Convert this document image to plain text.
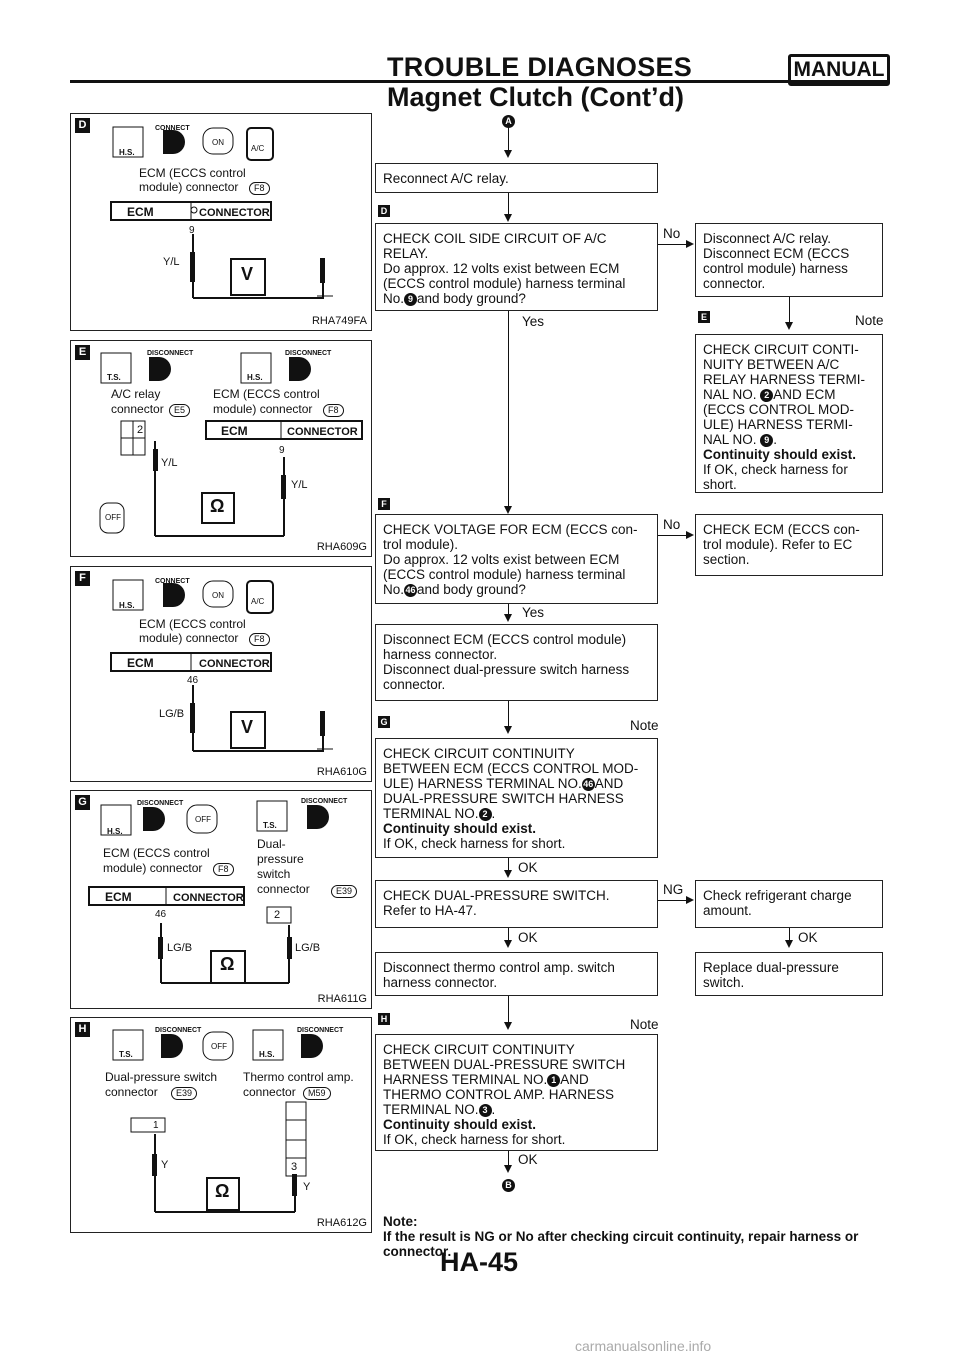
TROUBLE DIAGNOSES	MANUAL
Magnet Clutch (Cont’d)
D
H.S.
CONNECT
ON
A/C
ECM (ECCS control
module) connector	F8
ECM	CONNECTOR
9
Y/L
V
RHA749FA
E
T.S.
DISCONNECT
H.S.
DISCONNECT
OFF
A/C relay
connector	E5
2
Y/L
ECM (ECCS control
module) connector	F8
ECM	CONNECTOR
9
Y/L
Ω
RHA609G
F
H.S.
CONNECT
ON
A/C
ECM (ECCS control
module) connector	F8
ECM	CONNECTOR
46
LG/B
V
RHA610G
G
H.S.
DISCONNECT
OFF
T.S.
DISCONNECT
ECM (ECCS control
module) connector	F8
ECM	CONNECTOR
46
LG/B
Dual-
pressure
switch
connector	E39
2
LG/B
Ω
RHA611G
H
T.S.
DISCONNECT
OFF
H.S.
DISCONNECT
Dual-pressure switch
connector	E39
1
Y
Thermo control amp.
connector	M59
3
Y
Ω
RHA612G
A
Reconnect A/C relay.
D
CHECK COIL SIDE CIRCUIT OF A/C
RELAY.
Do approx. 12 volts exist between ECM
(ECCS control module) harness terminal
No. 9 and body ground?
No Disconnect A/C relay.
Disconnect ECM (ECCS
control module) harness
connector.
E	Note
CHECK CIRCUIT CONTI-
NUITY BETWEEN A/C
RELAY HARNESS TERMI-
NAL NO. 2 AND ECM
(ECCS CONTROL MOD-
ULE) HARNESS TERMI-
NAL NO. 9 .
Continuity should exist.
If OK, check harness for
short.
Yes
F
CHECK VOLTAGE FOR ECM (ECCS con-
trol module).
Do approx. 12 volts exist between ECM
(ECCS control module) harness terminal
No.46 and body ground?
No CHECK ECM (ECCS con-
trol module). Refer to EC
section.
Yes
Disconnect ECM (ECCS control module)
harness connector.
Disconnect dual-pressure switch harness
connector.
G	Note
CHECK CIRCUIT CONTINUITY
BETWEEN ECM (ECCS CONTROL MOD-
ULE) HARNESS TERMINAL NO.46 AND
DUAL-PRESSURE SWITCH HARNESS
TERMINAL NO. 2 .
Continuity should exist.
If OK, check harness for short.
OK
CHECK DUAL-PRESSURE SWITCH.
Refer to HA-47.
NG Check refrigerant charge
amount.
OK	OK
Disconnect thermo control amp. switch
harness connector.
Replace dual-pressure
switch.
H	Note
CHECK CIRCUIT CONTINUITY
BETWEEN DUAL-PRESSURE SWITCH
HARNESS TERMINAL NO. 1 AND
THERMO CONTROL AMP. HARNESS
TERMINAL NO. 3 .
Continuity should exist.
If OK, check harness for short.
OK
B
Note:
If the result is NG or No after checking circuit continuity, repair harness or
connector.
HA-45
carmanualsonline.info
